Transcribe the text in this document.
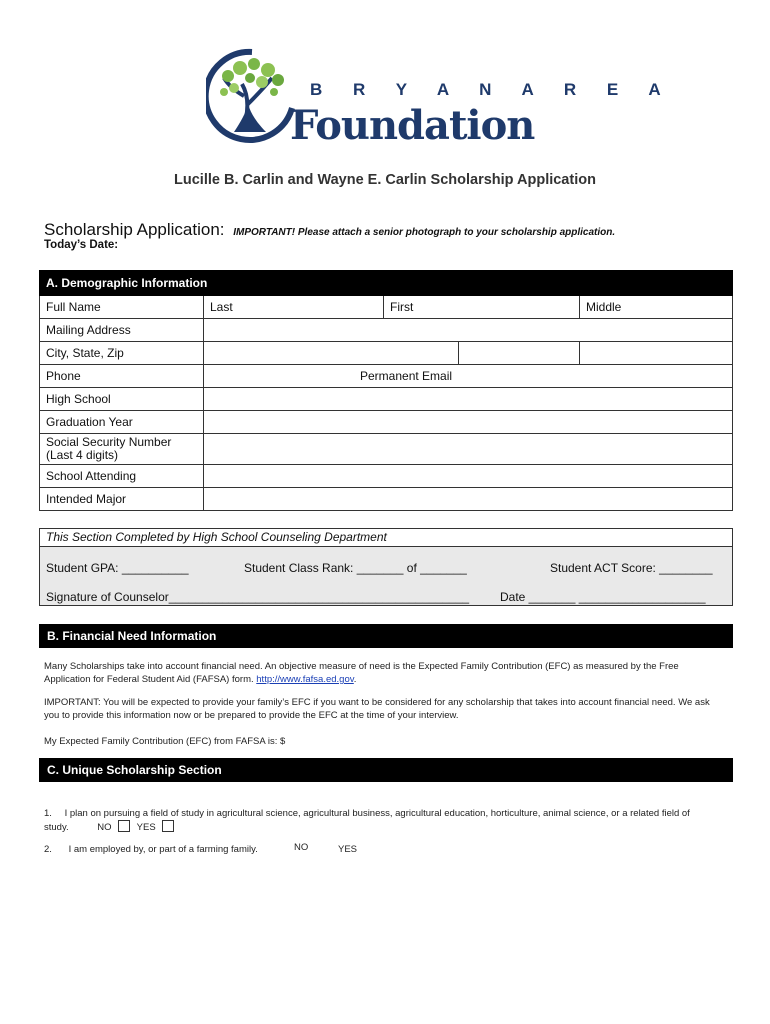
B R Y A N A R E A
Foundation
Lucille B. Carlin and Wayne E. Carlin Scholarship Application
Scholarship Application: IMPORTANT! Please attach a senior photograph to your scholarship application.
Today’s Date:
A. Demographic Information				
Full Name	Last	First		Middle
Mailing Address				
City, State, Zip				
Phone	Permanent Email			
High School				
Graduation Year				
Social Security Number
(Last 4 digits)				
School Attending				
Intended Major				
This Section Completed by High School Counseling Department
Student GPA: __________	Student Class Rank: _______ of _______	Student ACT Score: ________
Signature of Counselor_____________________________________________	Date _______ ___________________
B. Financial Need Information
Many Scholarships take into account financial need. An objective measure of need is the Expected Family Contribution (EFC) as measured by the Free Application for Federal Student Aid (FAFSA) form. http://www.fafsa.ed.gov.
IMPORTANT: You will be expected to provide your family’s EFC if you want to be considered for any scholarship that takes into account financial need. We ask you to provide this information now or be prepared to provide the EFC at the time of your interview.
My Expected Family Contribution (EFC) from FAFSA is: $
C. Unique Scholarship Section
1. I plan on pursuing a field of study in agricultural science, agricultural business, agricultural education, horticulture, animal science, or a related field of
study.	NO	YES
2. I am employed by, or part of a farming family.	NO	YES
